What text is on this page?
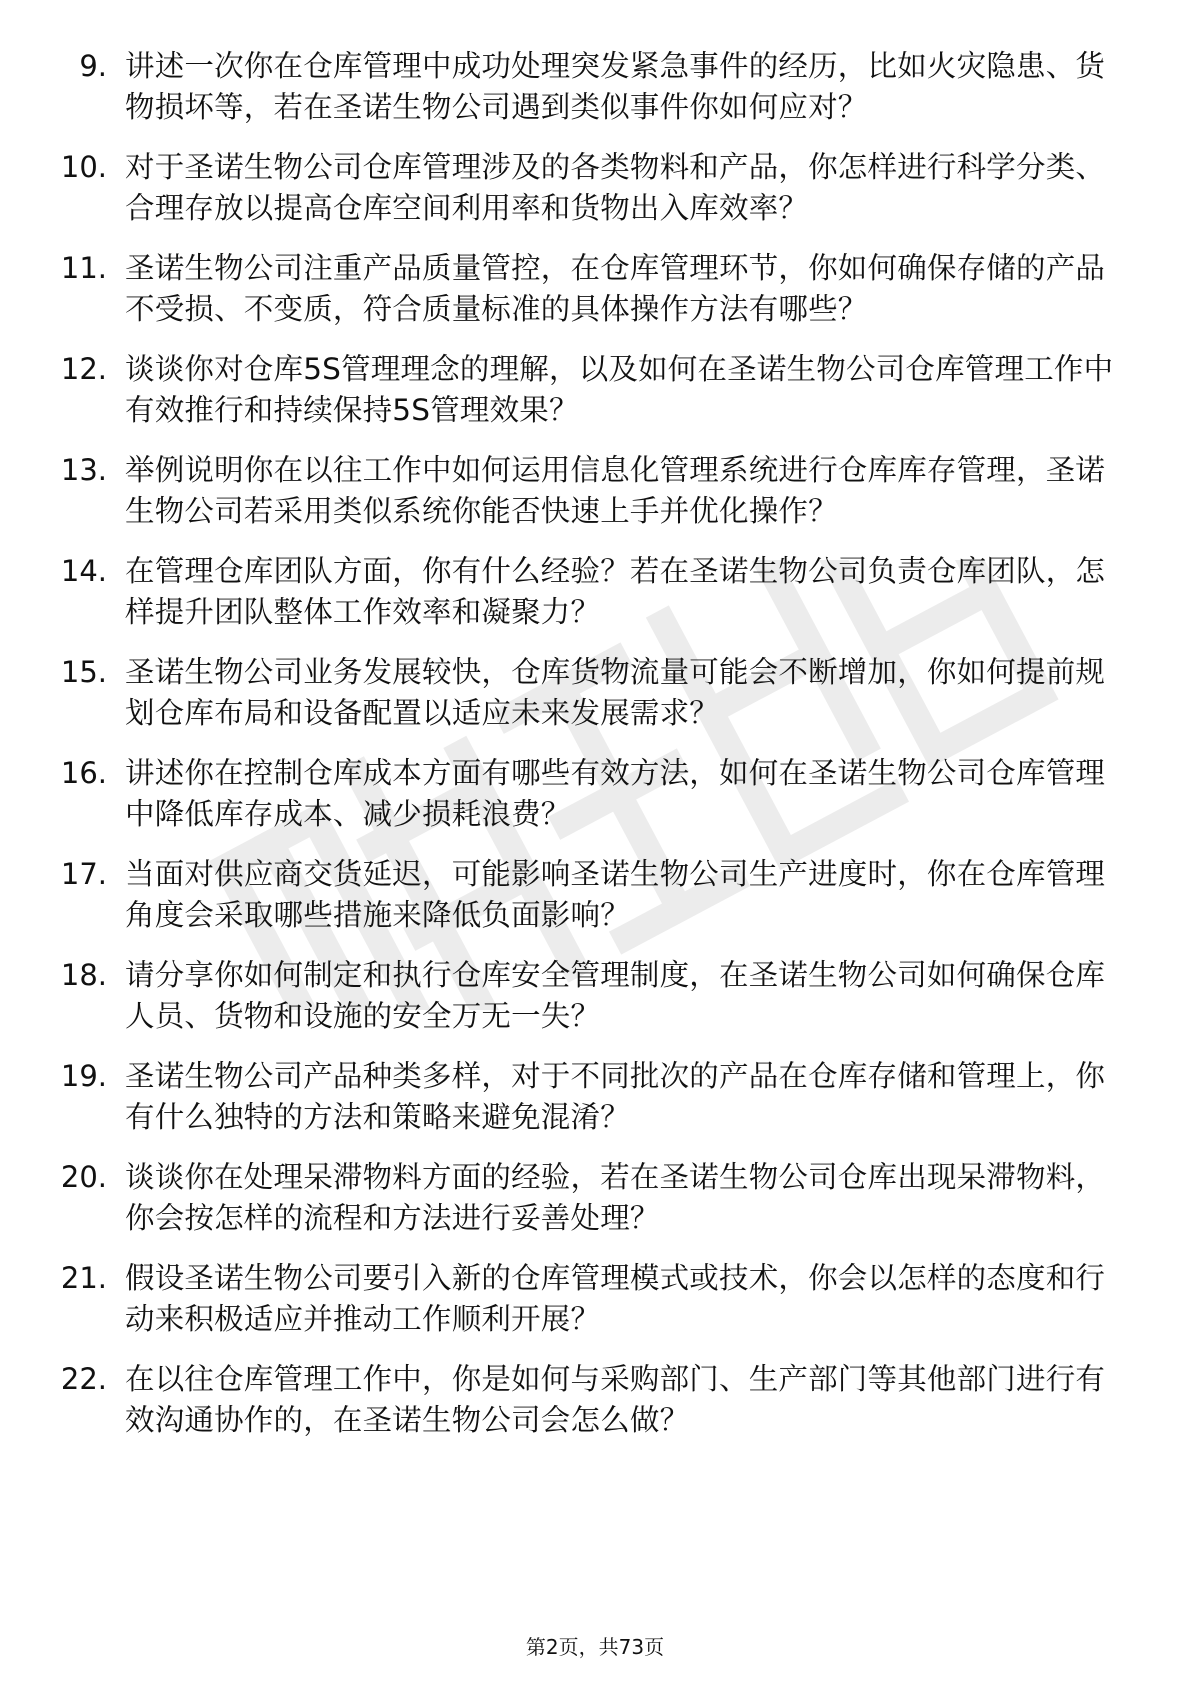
9. 讲述一次你在仓库管理中成功处理突发紧急事件的经历，比如火灾隐患、货物损坏等，若在圣诺生物公司遇到类似事件你如何应对？
10. 对于圣诺生物公司仓库管理涉及的各类物料和产品，你怎样进行科学分类、合理存放以提高仓库空间利用率和货物出入库效率？
11. 圣诺生物公司注重产品质量管控，在仓库管理环节，你如何确保存储的产品不受损、不变质，符合质量标准的具体操作方法有哪些？
12. 谈谈你对仓库5S管理理念的理解，以及如何在圣诺生物公司仓库管理工作中有效推行和持续保持5S管理效果？
13. 举例说明你在以往工作中如何运用信息化管理系统进行仓库库存管理，圣诺生物公司若采用类似系统你能否快速上手并优化操作？
14. 在管理仓库团队方面，你有什么经验？若在圣诺生物公司负责仓库团队，怎样提升团队整体工作效率和凝聚力？
15. 圣诺生物公司业务发展较快，仓库货物流量可能会不断增加，你如何提前规划仓库布局和设备配置以适应未来发展需求？
16. 讲述你在控制仓库成本方面有哪些有效方法，如何在圣诺生物公司仓库管理中降低库存成本、减少损耗浪费？
17. 当面对供应商交货延迟，可能影响圣诺生物公司生产进度时，你在仓库管理角度会采取哪些措施来降低负面影响？
18. 请分享你如何制定和执行仓库安全管理制度，在圣诺生物公司如何确保仓库人员、货物和设施的安全万无一失？
19. 圣诺生物公司产品种类多样，对于不同批次的产品在仓库存储和管理上，你有什么独特的方法和策略来避免混淆？
20. 谈谈你在处理呆滞物料方面的经验，若在圣诺生物公司仓库出现呆滞物料，你会按怎样的流程和方法进行妥善处理？
21. 假设圣诺生物公司要引入新的仓库管理模式或技术，你会以怎样的态度和行动来积极适应并推动工作顺利开展？
22. 在以往仓库管理工作中，你是如何与采购部门、生产部门等其他部门进行有效沟通协作的，在圣诺生物公司会怎么做？
第2页，共73页
